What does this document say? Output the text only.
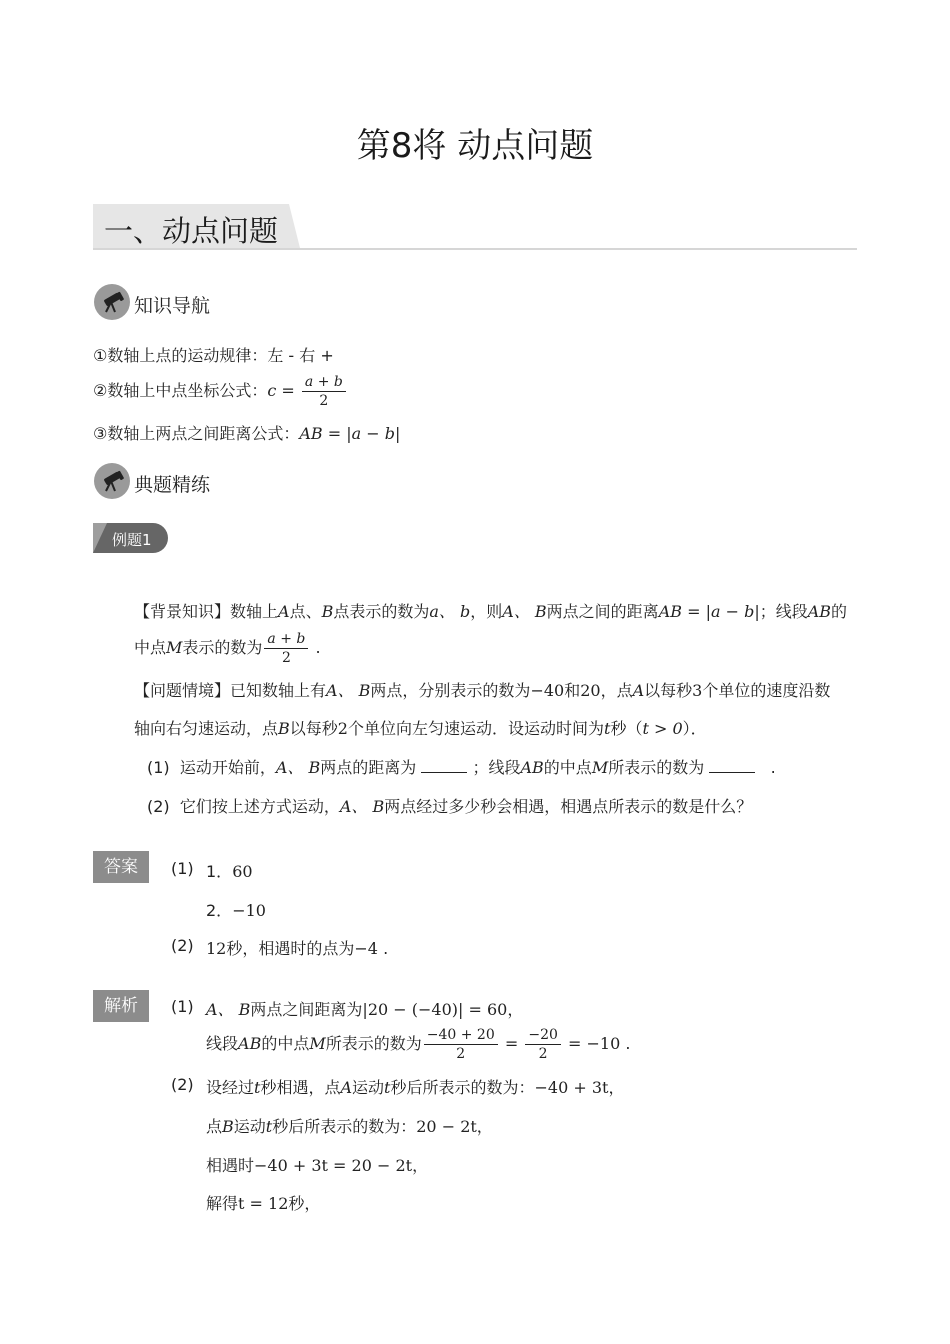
第8将 动点问题
一、动点问题
知识导航
①数轴上点的运动规律：左 - 右 +
②数轴上中点坐标公式：$c = \frac{a + b}{2}$
③数轴上两点之间距离公式：AB = |a − b|
典题精练
例题1
【背景知识】数轴上A点、B点表示的数为a、 b，则A、 B两点之间的距离AB = |a − b|；线段AB的
中点M表示的数为 $\frac{a + b}{2}$ .
【问题情境】已知数轴上有A、 B两点，分别表示的数为−40和20，点A以每秒3个单位的速度沿数
轴向右匀速运动，点B以每秒2个单位向左匀速运动．设运动时间为t秒（t > 0）．
(1) 运动开始前，A、 B两点的距离为	；线段AB的中点M所表示的数为	.
(2) 它们按上述方式运动，A、 B两点经过多少秒会相遇，相遇点所表示的数是什么？
答案	(1) 1．60
2．−10
(2) 12秒，相遇时的点为−4 .
解析	(1) A、 B两点之间距离为|20 − (−40)| = 60，
线段AB的中点M所表示的数为 $\frac{-40 + 20}{2} = \frac{-20}{2} = -10$ .
(2) 设经过t秒相遇，点A运动t秒后所表示的数为：−40 + 3t，
点B运动t秒后所表示的数为：20 − 2t，
相遇时−40 + 3t = 20 − 2t，
解得t = 12秒，
